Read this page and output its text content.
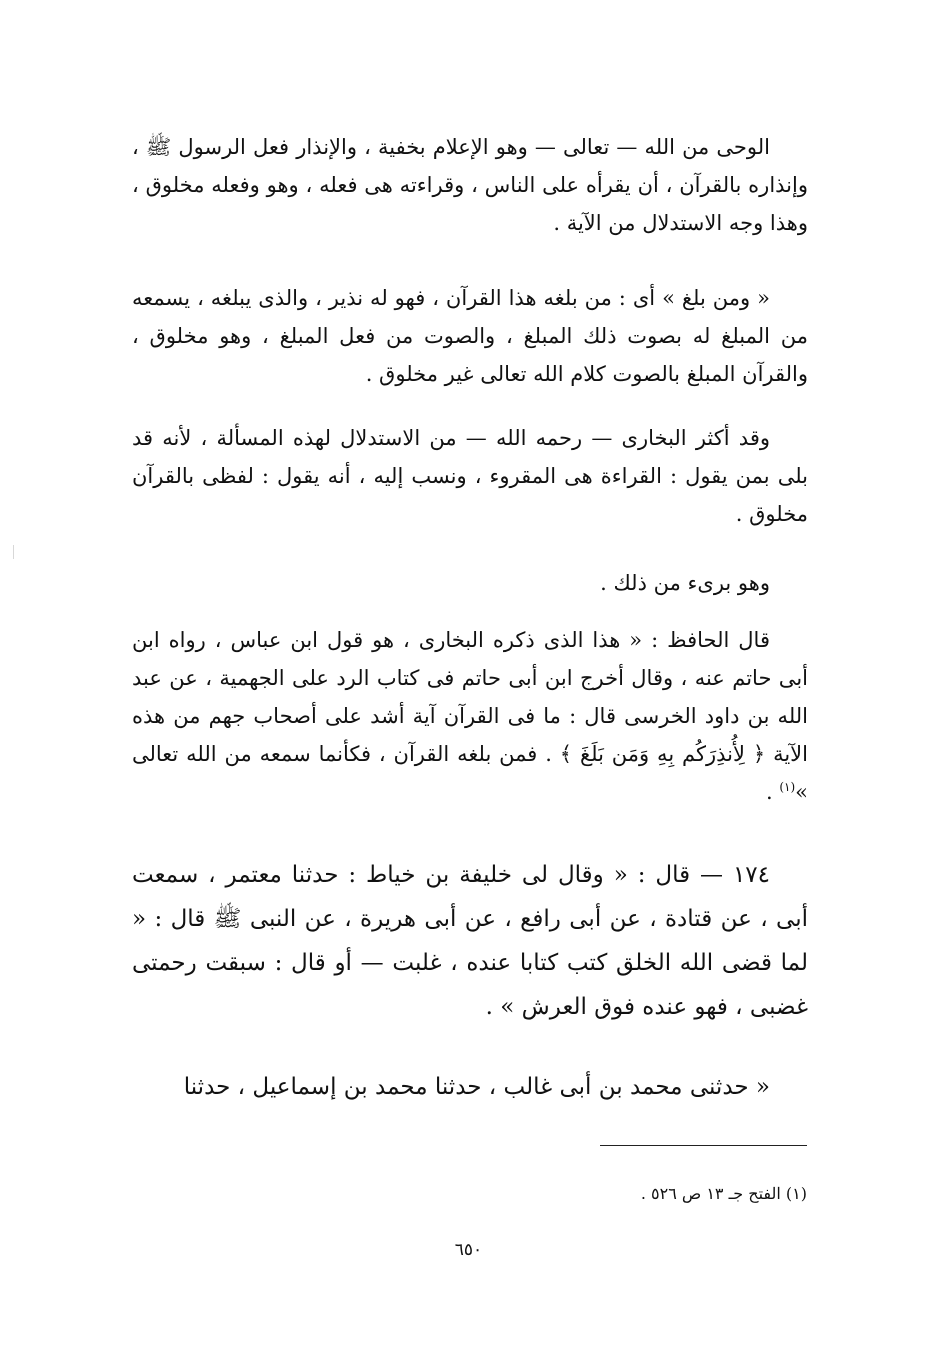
الوحى من الله — تعالى — وهو الإعلام بخفية ، والإنذار فعل الرسول ﷺ ، وإنذاره بالقرآن ، أن يقرأه على الناس ، وقراءته هى فعله ، وهو وفعله مخلوق ، وهذا وجه الاستدلال من الآية .

« ومن بلغ » أى : من بلغه هذا القرآن ، فهو له نذير ، والذى يبلغه ، يسمعه من المبلغ له بصوت ذلك المبلغ ، والصوت من فعل المبلغ ، وهو مخلوق ، والقرآن المبلغ بالصوت كلام الله تعالى غير مخلوق .

وقد أكثر البخارى — رحمه الله — من الاستدلال لهذه المسألة ، لأنه قد بلى بمن يقول : القراءة هى المقروء ، ونسب إليه ، أنه يقول : لفظى بالقرآن مخلوق .

وهو برىء من ذلك .

قال الحافظ : « هذا الذى ذكره البخارى ، هو قول ابن عباس ، رواه ابن أبى حاتم عنه ، وقال أخرج ابن أبى حاتم فى كتاب الرد على الجهمية ، عن عبد الله بن داود الخرسى قال : ما فى القرآن آية أشد على أصحاب جهم من هذه الآية ﴿ لِأُنذِرَكُم بِهِ وَمَن بَلَغَ ﴾ . فمن بلغه القرآن ، فكأنما سمعه من الله تعالى »$^{(١)}$ .

١٧٤ — قال : « وقال لى خليفة بن خياط : حدثنا معتمر ، سمعت أبى ، عن قتادة ، عن أبى رافع ، عن أبى هريرة ، عن النبى ﷺ قال : « لما قضى الله الخلق كتب كتابا عنده ، غلبت — أو قال : سبقت رحمتى غضبى ، فهو عنده فوق العرش » .

« حدثنى محمد بن أبى غالب ، حدثنا محمد بن إسماعيل ، حدثنا

(١) الفتح جـ ١٣ ص ٥٢٦ .
٦٥٠
